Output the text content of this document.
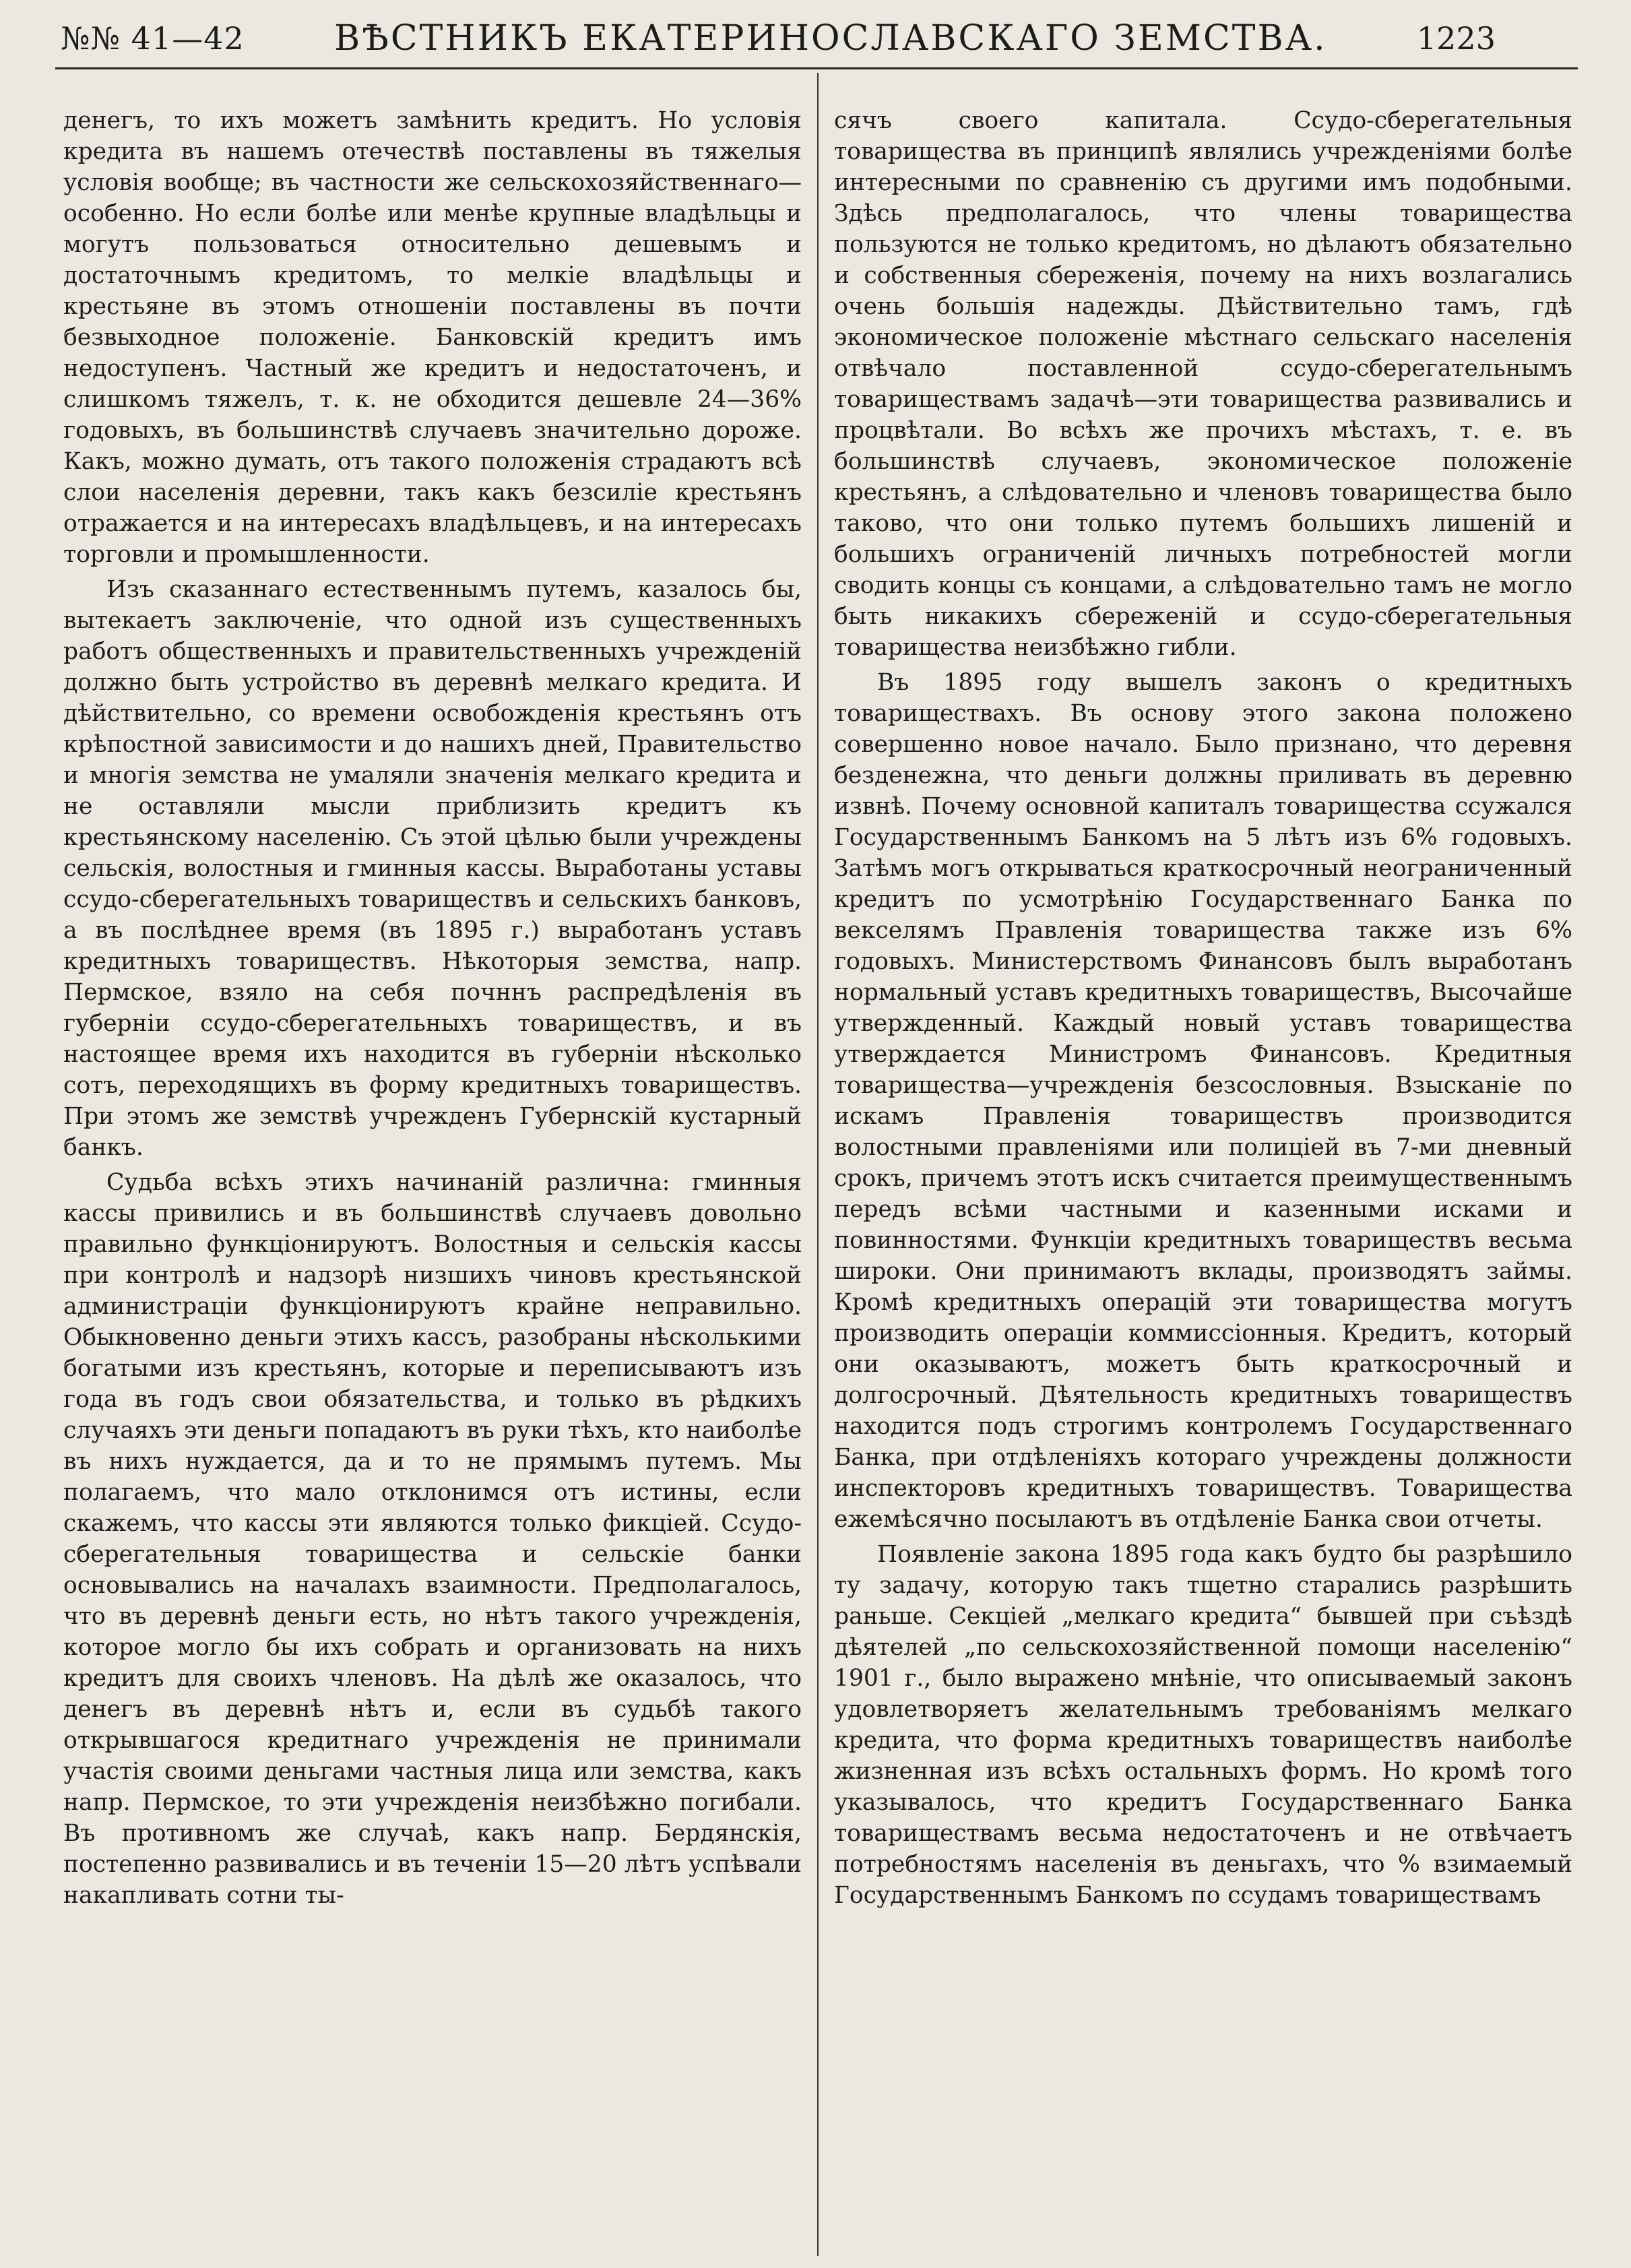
№№ 41—42	ВѢСТНИКЪ ЕКАТЕРИНОСЛАВСКАГО ЗЕМСТВА.	1223

денегъ, то ихъ можетъ замѣнить кредитъ. Но условія кредита въ нашемъ отечествѣ поставлены въ тяжелыя условія вообще; въ частности же сельскохозяйственнаго—особенно. Но если болѣе или менѣе крупные владѣльцы и могутъ пользоваться относительно дешевымъ и достаточнымъ кредитомъ, то мелкіе владѣльцы и крестьяне въ этомъ отношеніи поставлены въ почти безвыходное положеніе. Банковскій кредитъ имъ недоступенъ. Частный же кредитъ и недостаточенъ, и слишкомъ тяжелъ, т. к. не обходится дешевле 24—36% годовыхъ, въ большинствѣ случаевъ значительно дороже. Какъ, можно думать, отъ такого положенія страдаютъ всѣ слои населенія деревни, такъ какъ безсиліе крестьянъ отражается и на интересахъ владѣльцевъ, и на интересахъ торговли и промышленности.

Изъ сказаннаго естественнымъ путемъ, казалось бы, вытекаетъ заключеніе, что одной изъ существенныхъ работъ общественныхъ и правительственныхъ учрежденій должно быть устройство въ деревнѣ мелкаго кредита. И дѣйствительно, со времени освобожденія крестьянъ отъ крѣпостной зависимости и до нашихъ дней, Правительство и многія земства не умаляли значенія мелкаго кредита и не оставляли мысли приблизить кредитъ къ крестьянскому населенію. Съ этой цѣлью были учреждены сельскія, волостныя и гминныя кассы. Выработаны уставы ссудо-сберегательныхъ товариществъ и сельскихъ банковъ, а въ послѣднее время (въ 1895 г.) выработанъ уставъ кредитныхъ товариществъ. Нѣкоторыя земства, напр. Пермское, взяло на себя почннъ распредѣленія въ губерніи ссудо-сберегательныхъ товариществъ, и въ настоящее время ихъ находится въ губерніи нѣсколько сотъ, переходящихъ въ форму кредитныхъ товариществъ. При этомъ же земствѣ учрежденъ Губернскій кустарный банкъ.

Судьба всѣхъ этихъ начинаній различна: гминныя кассы привились и въ большинствѣ случаевъ довольно правильно функціонируютъ. Волостныя и сельскія кассы при контролѣ и надзорѣ низшихъ чиновъ крестьянской администраціи функціонируютъ крайне неправильно. Обыкновенно деньги этихъ кассъ, разобраны нѣсколькими богатыми изъ крестьянъ, которые и переписываютъ изъ года въ годъ свои обязательства, и только въ рѣдкихъ случаяхъ эти деньги попадаютъ въ руки тѣхъ, кто наиболѣе въ нихъ нуждается, да и то не прямымъ путемъ. Мы полагаемъ, что мало отклонимся отъ истины, если скажемъ, что кассы эти являются только фикціей. Ссудо-сберегательныя товарищества и сельскіе банки основывались на началахъ взаимности. Предполагалось, что въ деревнѣ деньги есть, но нѣтъ такого учрежденія, которое могло бы ихъ собрать и организовать на нихъ кредитъ для своихъ членовъ. На дѣлѣ же оказалось, что денегъ въ деревнѣ нѣтъ и, если въ судьбѣ такого открывшагося кредитнаго учрежденія не принимали участія своими деньгами частныя лица или земства, какъ напр. Пермское, то эти учрежденія неизбѣжно погибали. Въ противномъ же случаѣ, какъ напр. Бердянскія, постепенно развивались и въ теченіи 15—20 лѣтъ успѣвали накапливать сотни ты-

сячъ своего капитала. Ссудо-сберегательныя товарищества въ принципѣ являлись учрежденіями болѣе интересными по сравненію съ другими имъ подобными. Здѣсь предполагалось, что члены товарищества пользуются не только кредитомъ, но дѣлаютъ обязательно и собственныя сбереженія, почему на нихъ возлагались очень большія надежды. Дѣйствительно тамъ, гдѣ экономическое положеніе мѣстнаго сельскаго населенія отвѣчало поставленной ссудо-сберегательнымъ товариществамъ задачѣ—эти товарищества развивались и процвѣтали. Во всѣхъ же прочихъ мѣстахъ, т. е. въ большинствѣ случаевъ, экономическое положеніе крестьянъ, а слѣдовательно и членовъ товарищества было таково, что они только путемъ большихъ лишеній и большихъ ограниченій личныхъ потребностей могли сводить концы съ концами, а слѣдовательно тамъ не могло быть никакихъ сбереженій и ссудо-сберегательныя товарищества неизбѣжно гибли.

Въ 1895 году вышелъ законъ о кредитныхъ товариществахъ. Въ основу этого закона положено совершенно новое начало. Было признано, что деревня безденежна, что деньги должны приливать въ деревню извнѣ. Почему основной капиталъ товарищества ссужался Государственнымъ Банкомъ на 5 лѣтъ изъ 6% годовыхъ. Затѣмъ могъ открываться краткосрочный неограниченный кредитъ по усмотрѣнію Государственнаго Банка по векселямъ Правленія товарищества также изъ 6% годовыхъ. Министерствомъ Финансовъ былъ выработанъ нормальный уставъ кредитныхъ товариществъ, Высочайше утвержденный. Каждый новый уставъ товарищества утверждается Министромъ Финансовъ. Кредитныя товарищества—учрежденія безсословныя. Взысканіе по искамъ Правленія товариществъ производится волостными правленіями или полиціей въ 7-ми дневный срокъ, причемъ этотъ искъ считается преимущественнымъ передъ всѣми частными и казенными исками и повинностями. Функціи кредитныхъ товариществъ весьма широки. Они принимаютъ вклады, производятъ займы. Кромѣ кредитныхъ операцій эти товарищества могутъ производить операціи коммиссіонныя. Кредитъ, который они оказываютъ, можетъ быть краткосрочный и долгосрочный. Дѣятельность кредитныхъ товариществъ находится подъ строгимъ контролемъ Государственнаго Банка, при отдѣленіяхъ котораго учреждены должности инспекторовъ кредитныхъ товариществъ. Товарищества ежемѣсячно посылаютъ въ отдѣленіе Банка свои отчеты.

Появленіе закона 1895 года какъ будто бы разрѣшило ту задачу, которую такъ тщетно старались разрѣшить раньше. Секціей „мелкаго кредита“ бывшей при съѣздѣ дѣятелей „по сельскохозяйственной помощи населенію“ 1901 г., было выражено мнѣніе, что описываемый законъ удовлетворяетъ желательнымъ требованіямъ мелкаго кредита, что форма кредитныхъ товариществъ наиболѣе жизненная изъ всѣхъ остальныхъ формъ. Но кромѣ того указывалось, что кредитъ Государственнаго Банка товариществамъ весьма недостаточенъ и не отвѣчаетъ потребностямъ населенія въ деньгахъ, что % взимаемый Государственнымъ Банкомъ по ссудамъ товариществамъ
